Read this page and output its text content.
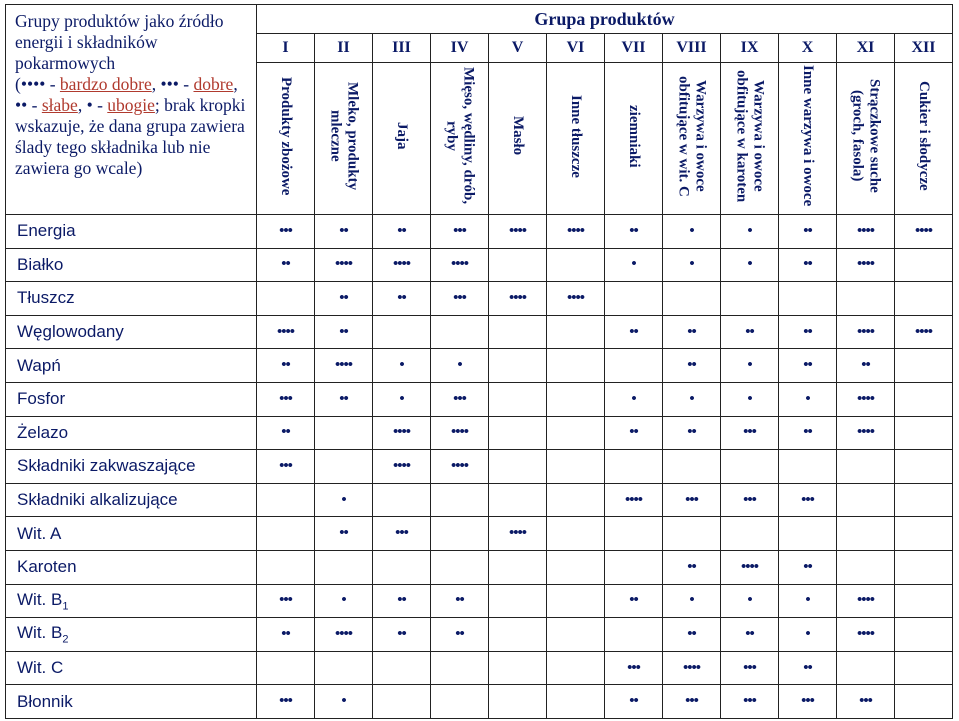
Grupy produktów jako źródło energii i składników pokarmowych
(•••• - bardzo dobre, ••• - dobre, •• - słabe, • - ubogie; brak kropki wskazuje, że dana grupa zawiera ślady tego składnika lub nie zawiera go wcale)	Grupa produktów											
	I	II	III	IV	V	VI	VII	VIII	IX	X	XI	XII
	Produkty zbożowe	Mleko, produkty mleczne	Jaja	Mięso, wędliny, drób, ryby	Masło	Inne tłuszcze	ziemniaki	Warzywa i owoce obfitujące w wit. C	Warzywa i owoce obfitujące w karoten	Inne warzywa i owoce	Strączkowe suche (groch, fasola)	Cukier i słodycze
Energia	•••	••	••	•••	••••	••••	••	•	•	••	••••	••••
Białko	••	••••	••••	••••			•	•	•	••	••••	
Tłuszcz		••	••	•••	••••	••••						
Węglowodany	••••	••					••	••	••	••	••••	••••
Wapń	••	••••	•	•				••	•	••	••	
Fosfor	•••	••	•	•••			•	•	•	•	••••	
Żelazo	••		••••	••••			••	••	•••	••	••••	
Składniki zakwaszające	•••		••••	••••								
Składniki alkalizujące		•					••••	•••	•••	•••		
Wit. A		••	•••		••••							
Karoten								••	••••	••		
Wit. $B_1$	•••	•	••	••			••	•	•	•	••••	
Wit. $B_2$	••	••••	••	••				••	••	•	••••	
Wit. C							•••	••••	•••	••		
Błonnik	•••	•					••	•••	•••	•••	•••	
